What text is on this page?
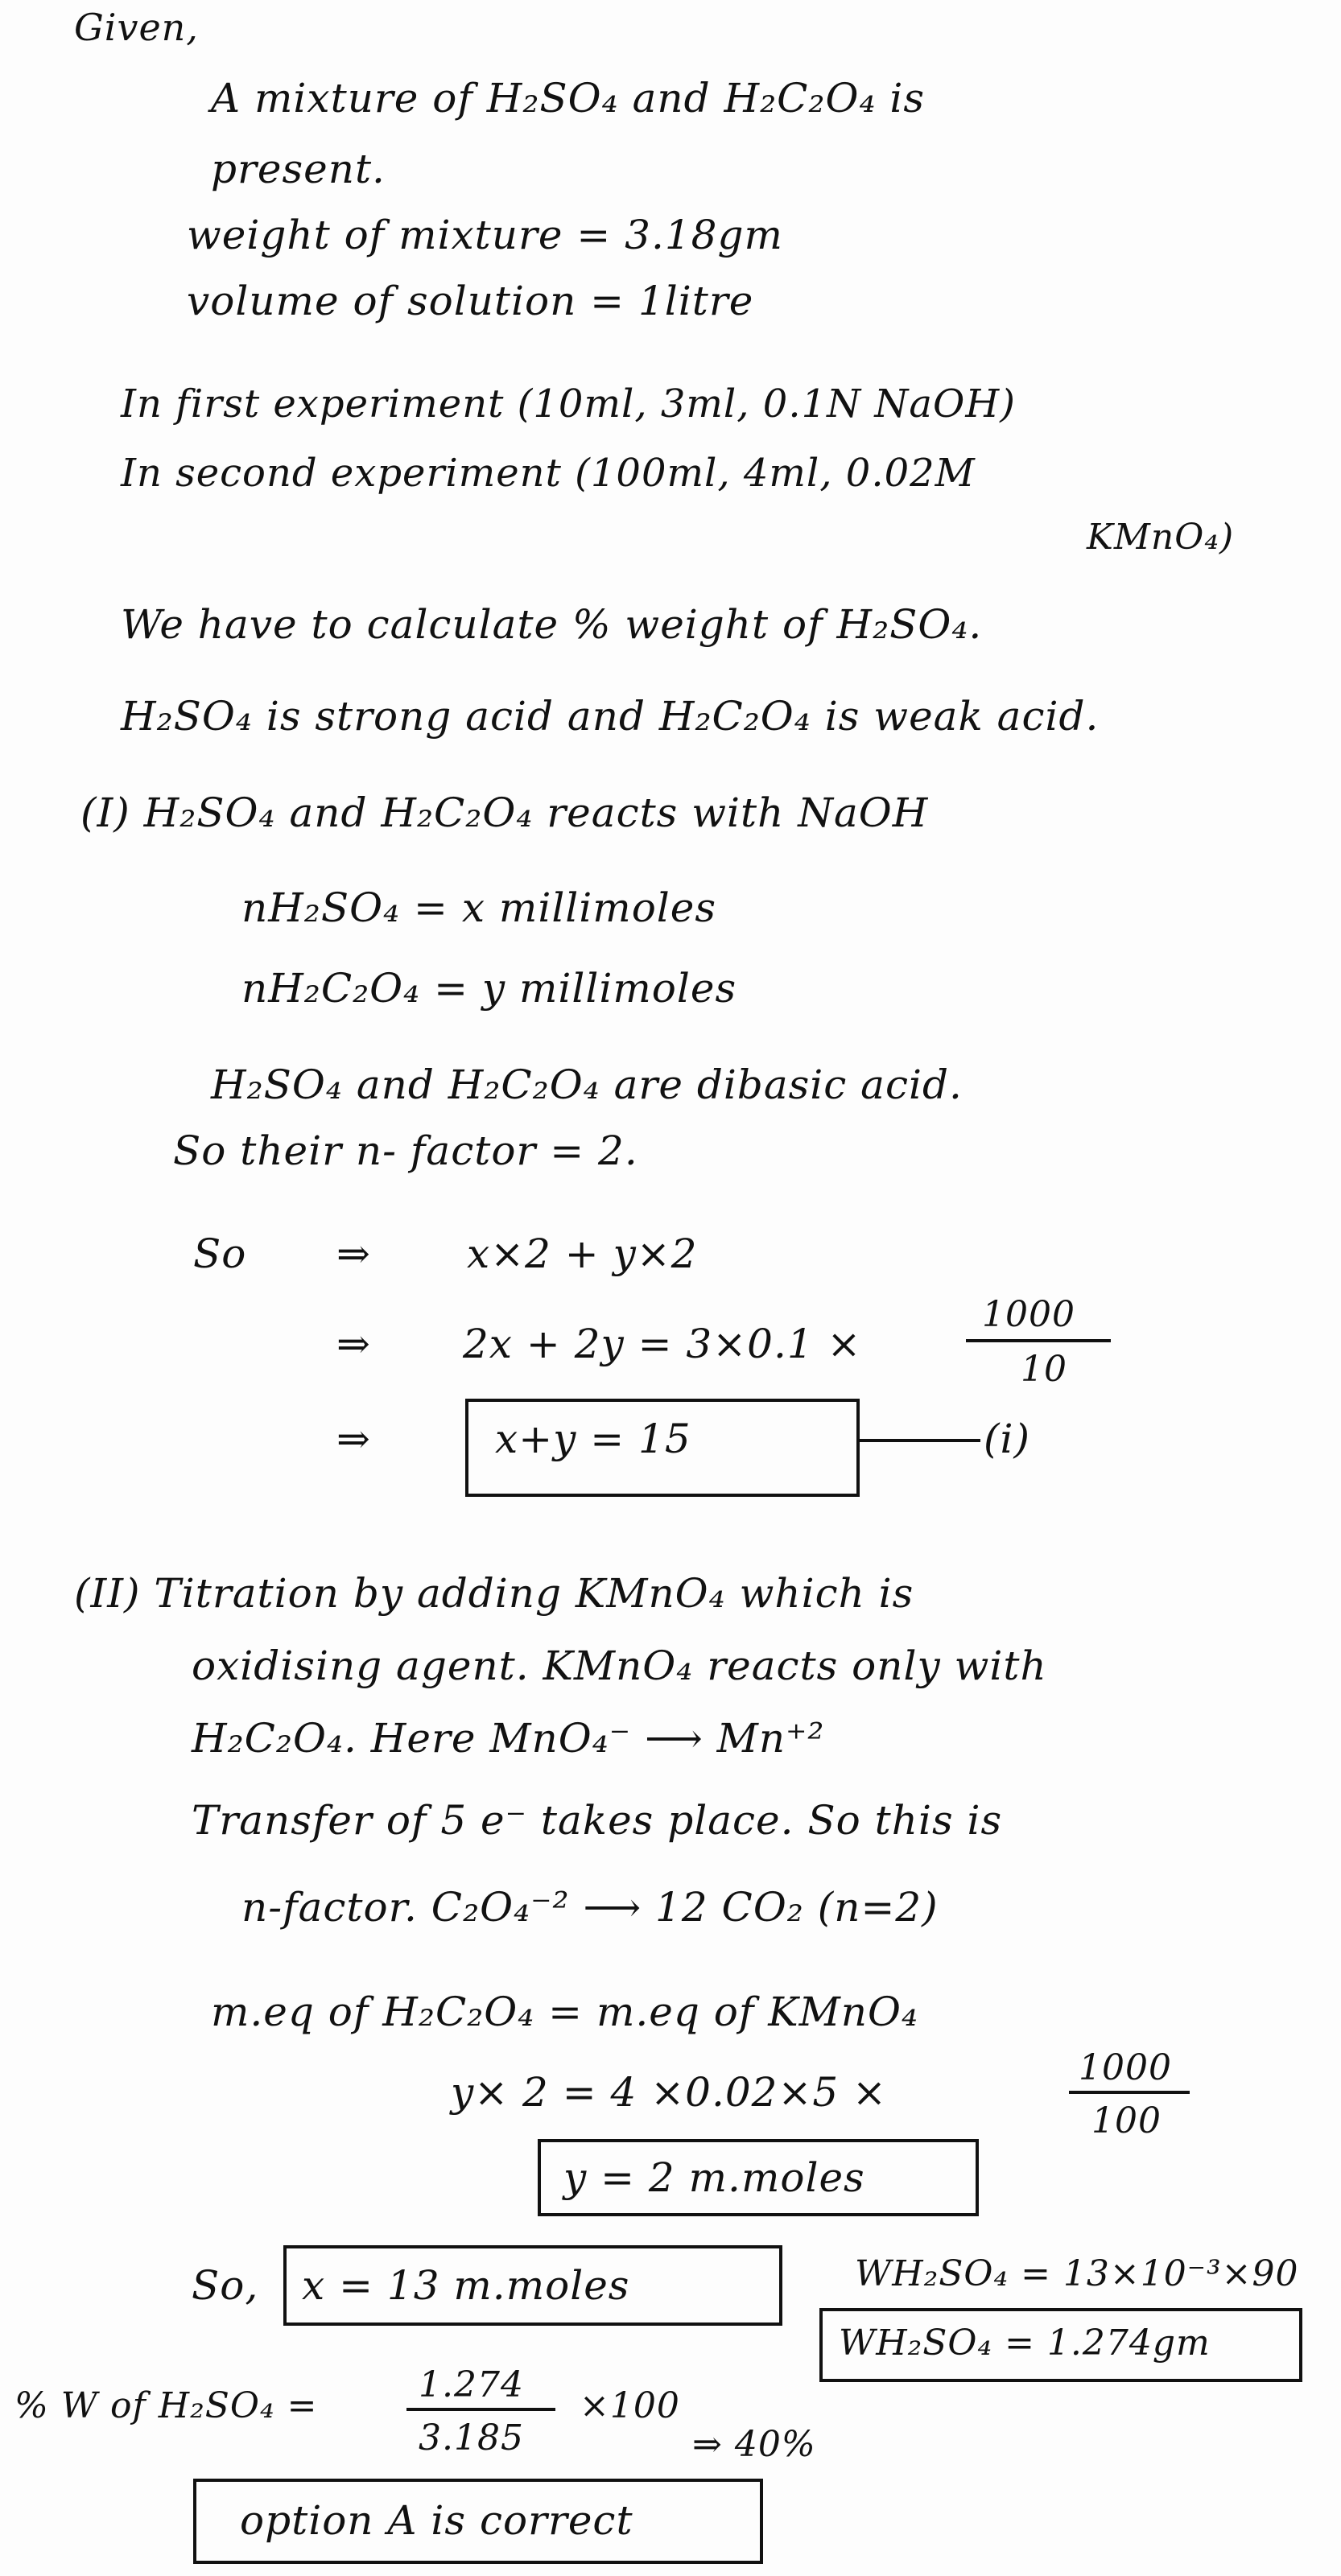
Given,
A mixture of H₂SO₄ and H₂C₂O₄ is
present.
weight of mixture = 3.18gm
volume of solution = 1litre
In first experiment (10ml, 3ml, 0.1N NaOH)
In second experiment (100ml, 4ml, 0.02M
KMnO₄)
We have to calculate % weight of H₂SO₄.
H₂SO₄ is strong acid and H₂C₂O₄ is weak acid.
(I) H₂SO₄ and H₂C₂O₄ reacts with NaOH
nH₂SO₄ = x millimoles
nH₂C₂O₄ = y millimoles
H₂SO₄ and H₂C₂O₄ are dibasic acid.
So their n- factor = 2.
So ⇒ x×2 + y×2
⇒ 2x + 2y = 3×0.1 ×
1000
10
⇒	x+y = 15	(i)
(II) Titration by adding KMnO₄ which is
oxidising agent. KMnO₄ reacts only with
H₂C₂O₄. Here MnO₄⁻ ⟶ Mn⁺²
Transfer of 5 e⁻ takes place. So this is
n-factor. C₂O₄⁻² ⟶ 12 CO₂ (n=2)
m.eq of H₂C₂O₄ = m.eq of KMnO₄
y× 2 = 4 ×0.02×5 ×
1000
100
y = 2 m.moles
So, x = 13 m.moles	WH₂SO₄ = 13×10⁻³×90
WH₂SO₄ = 1.274gm
% W of H₂SO₄ =
1.274
3.185
×100
⇒ 40%
option A is correct
